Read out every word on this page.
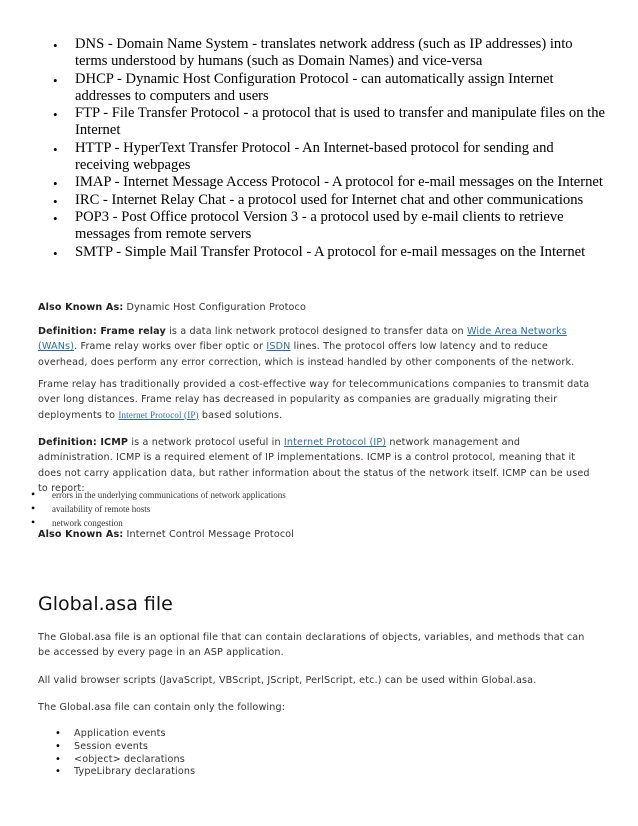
• DNS - Domain Name System - translates network address (such as IP addresses) into terms understood by humans (such as Domain Names) and vice-versa
• DHCP - Dynamic Host Configuration Protocol - can automatically assign Internet addresses to computers and users
• FTP - File Transfer Protocol - a protocol that is used to transfer and manipulate files on the Internet
• HTTP - HyperText Transfer Protocol - An Internet-based protocol for sending and receiving webpages
• IMAP - Internet Message Access Protocol - A protocol for e-mail messages on the Internet
• IRC - Internet Relay Chat - a protocol used for Internet chat and other communications
• POP3 - Post Office protocol Version 3 - a protocol used by e-mail clients to retrieve messages from remote servers
• SMTP - Simple Mail Transfer Protocol - A protocol for e-mail messages on the Internet

Also Known As: Dynamic Host Configuration Protoco

Definition: Frame relay is a data link network protocol designed to transfer data on Wide Area Networks (WANs). Frame relay works over fiber optic or ISDN lines. The protocol offers low latency and to reduce overhead, does perform any error correction, which is instead handled by other components of the network.

Frame relay has traditionally provided a cost-effective way for telecommunications companies to transmit data over long distances. Frame relay has decreased in popularity as companies are gradually migrating their deployments to Internet Protocol (IP) based solutions.

Definition: ICMP is a network protocol useful in Internet Protocol (IP) network management and administration. ICMP is a required element of IP implementations. ICMP is a control protocol, meaning that it does not carry application data, but rather information about the status of the network itself. ICMP can be used to report:

• errors in the underlying communications of network applications
• availability of remote hosts
• network congestion

Also Known As: Internet Control Message Protocol

Global.asa file

The Global.asa file is an optional file that can contain declarations of objects, variables, and methods that can be accessed by every page in an ASP application.

All valid browser scripts (JavaScript, VBScript, JScript, PerlScript, etc.) can be used within Global.asa.

The Global.asa file can contain only the following:

• Application events
• Session events
• <object> declarations
• TypeLibrary declarations
